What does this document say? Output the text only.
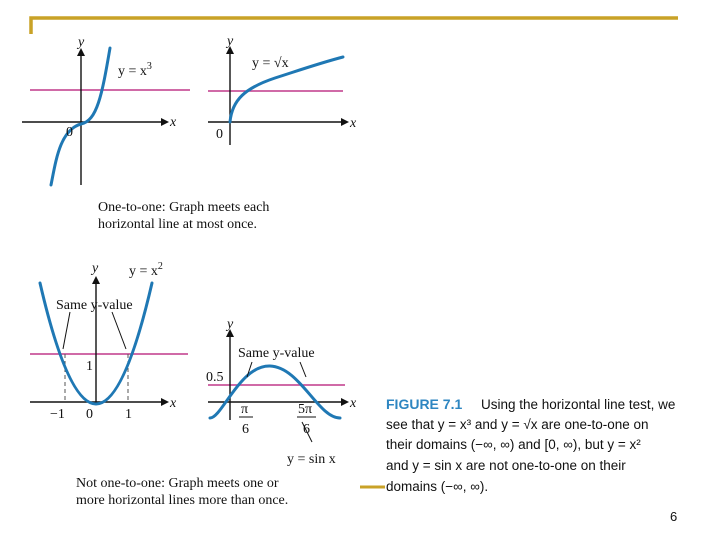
y
x
0
$y = x^3$
y
x
0
y = √x
One-to-one: Graph meets each
horizontal line at most once.
y
x
$y = x^2$
Same y-value
1
−1 0 1
y
x
Same y-value
0.5
π
6
5π
6
y = sin x
Not one-to-one: Graph meets one or
more horizontal lines more than once.
FIGURE 7.1 Using the horizontal line test, we
see that y = x³ and y = √x are one-to-one on
their domains (−∞, ∞) and [0, ∞), but y = x²
and y = sin x are not one-to-one on their
domains (−∞, ∞).
6
